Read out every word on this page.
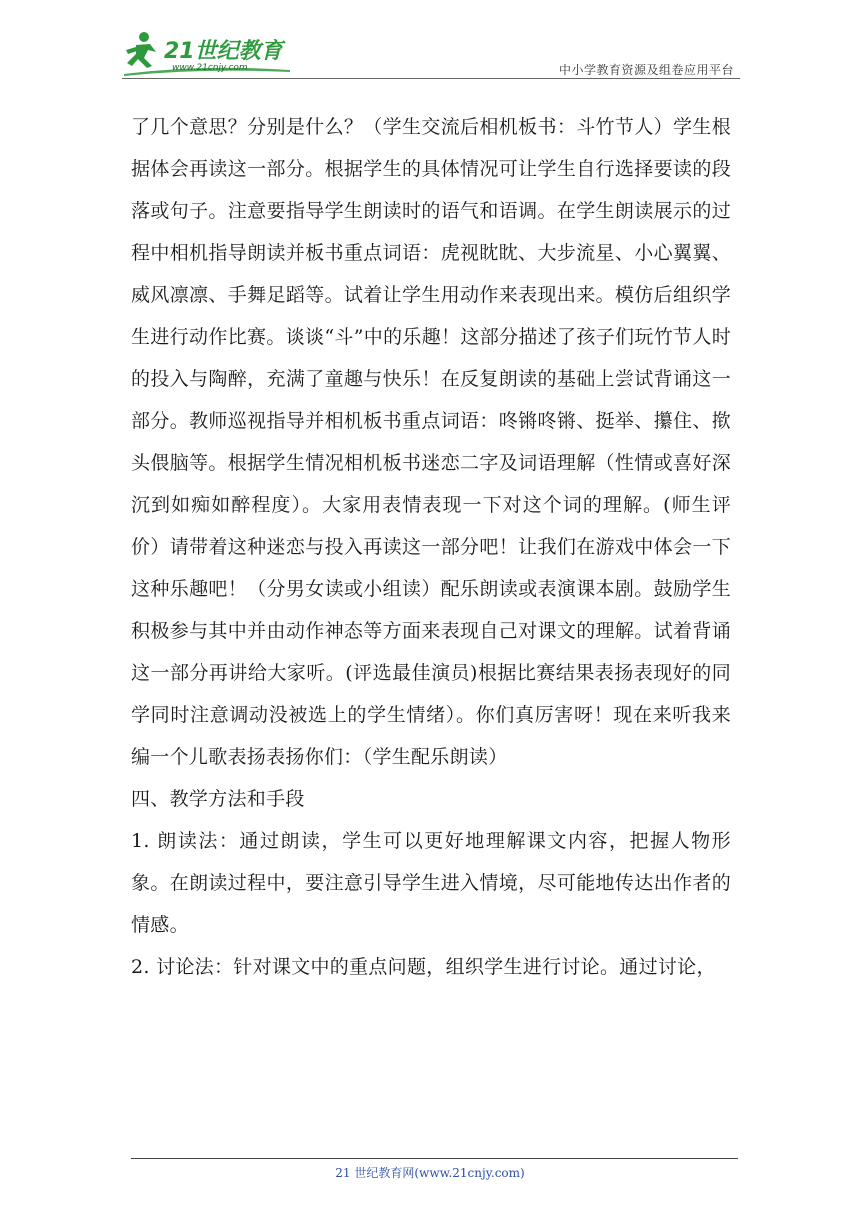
21世纪教育
www.21cnjy.com	中小学教育资源及组卷应用平台

了几个意思？分别是什么？（学生交流后相机板书：斗竹节人）学生根据体会再读这一部分。根据学生的具体情况可让学生自行选择要读的段落或句子。注意要指导学生朗读时的语气和语调。在学生朗读展示的过程中相机指导朗读并板书重点词语：虎视眈眈、大步流星、小心翼翼、威风凛凛、手舞足蹈等。试着让学生用动作来表现出来。模仿后组织学生进行动作比赛。谈谈“斗”中的乐趣！这部分描述了孩子们玩竹节人时的投入与陶醉，充满了童趣与快乐！在反复朗读的基础上尝试背诵这一部分。教师巡视指导并相机板书重点词语：咚锵咚锵、挺举、攥住、揿头偎脑等。根据学生情况相机板书迷恋二字及词语理解（性情或喜好深沉到如痴如醉程度）。大家用表情表现一下对这个词的理解。(师生评价）请带着这种迷恋与投入再读这一部分吧！让我们在游戏中体会一下这种乐趣吧！（分男女读或小组读）配乐朗读或表演课本剧。鼓励学生积极参与其中并由动作神态等方面来表现自己对课文的理解。试着背诵这一部分再讲给大家听。(评选最佳演员)根据比赛结果表扬表现好的同学同时注意调动没被选上的学生情绪）。你们真厉害呀！现在来听我来编一个儿歌表扬表扬你们：（学生配乐朗读）

四、教学方法和手段

1. 朗读法：通过朗读，学生可以更好地理解课文内容，把握人物形象。在朗读过程中，要注意引导学生进入情境，尽可能地传达出作者的情感。

2. 讨论法：针对课文中的重点问题，组织学生进行讨论。通过讨论，

21 世纪教育网(www.21cnjy.com)
